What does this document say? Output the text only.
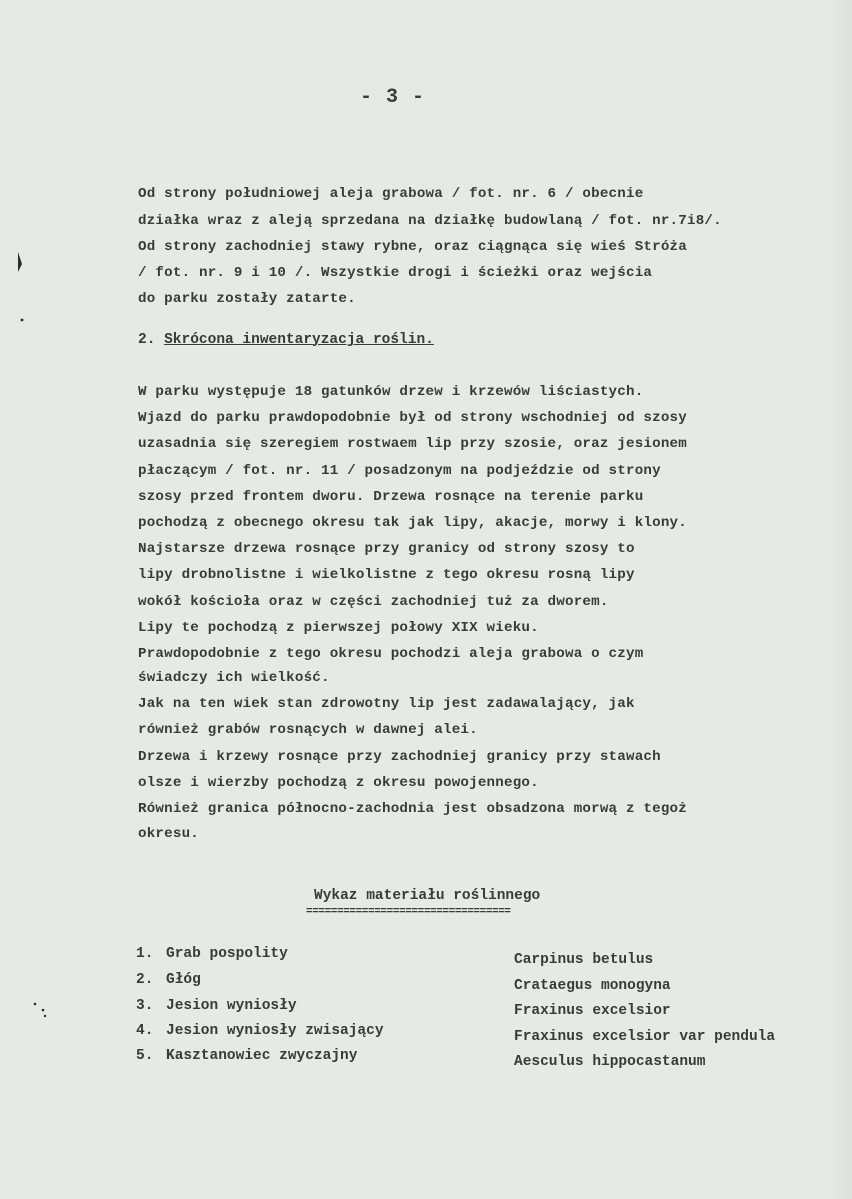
- 3 -
Od strony południowej aleja grabowa / fot. nr. 6 / obecnie
działka wraz z aleją sprzedana na działkę budowlaną / fot. nr.7i8/.
Od strony zachodniej stawy rybne, oraz ciągnąca się wieś Stróża
/ fot. nr. 9 i 10 /. Wszystkie drogi i ścieżki oraz wejścia
do parku zostały zatarte.
2. Skrócona inwentaryzacja roślin.
W parku występuje 18 gatunków drzew i krzewów liściastych.
Wjazd do parku prawdopodobnie był od strony wschodniej od szosy
uzasadnia się szeregiem rostwaem lip przy szosie, oraz jesionem
płaczącym / fot. nr. 11 / posadzonym na podjeździe od strony
szosy przed frontem dworu. Drzewa rosnące na terenie parku
pochodzą z obecnego okresu tak jak lipy, akacje, morwy i klony.
Najstarsze drzewa rosnące przy granicy od strony szosy to
lipy drobnolistne i wielkolistne z tego okresu rosną lipy
wokół kościoła oraz w części zachodniej tuż za dworem.
Lipy te pochodzą z pierwszej połowy XIX wieku.
Prawdopodobnie z tego okresu pochodzi aleja grabowa o czym
świadczy ich wielkość.
Jak na ten wiek stan zdrowotny lip jest zadawalający, jak
również grabów rosnących w dawnej alei.
Drzewa i krzewy rosnące przy zachodniej granicy przy stawach
olsze i wierzby pochodzą z okresu powojennego.
Również granica północno-zachodnia jest obsadzona morwą z tegoż
okresu.
Wykaz materiału roślinnego
=================================
1. Grab pospolity	Carpinus betulus
2. Głóg	Crataegus monogyna
3. Jesion wyniosły	Fraxinus excelsior
4. Jesion wyniosły zwisający	Fraxinus excelsior var pendula
5. Kasztanowiec zwyczajny	Aesculus hippocastanum
